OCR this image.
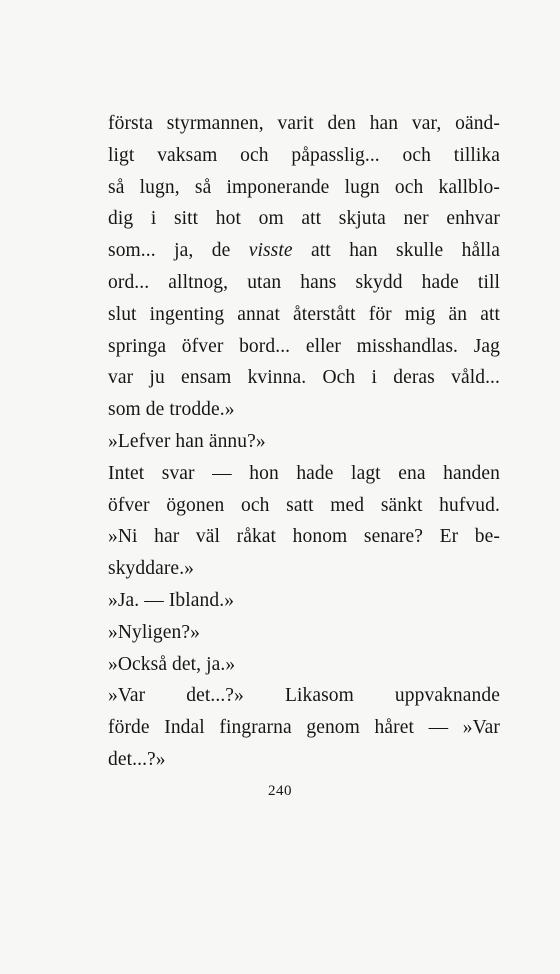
första styrmannen, varit den han var, oänd-
ligt vaksam och påpasslig... och tillika
så lugn, så imponerande lugn och kallblo-
dig i sitt hot om att skjuta ner enhvar
som... ja, de visste att han skulle hålla
ord... alltnog, utan hans skydd hade till
slut ingenting annat återstått för mig än att
springa öfver bord... eller misshandlas. Jag
var ju ensam kvinna. Och i deras våld...
som de trodde.»
»Lefver han ännu?»
Intet svar — hon hade lagt ena handen
öfver ögonen och satt med sänkt hufvud.
»Ni har väl råkat honom senare? Er be-
skyddare.»
»Ja. — Ibland.»
»Nyligen?»
»Också det, ja.»
»Var det...?» Likasom uppvaknande
förde Indal fingrarna genom håret — »Var
det...?»
240
